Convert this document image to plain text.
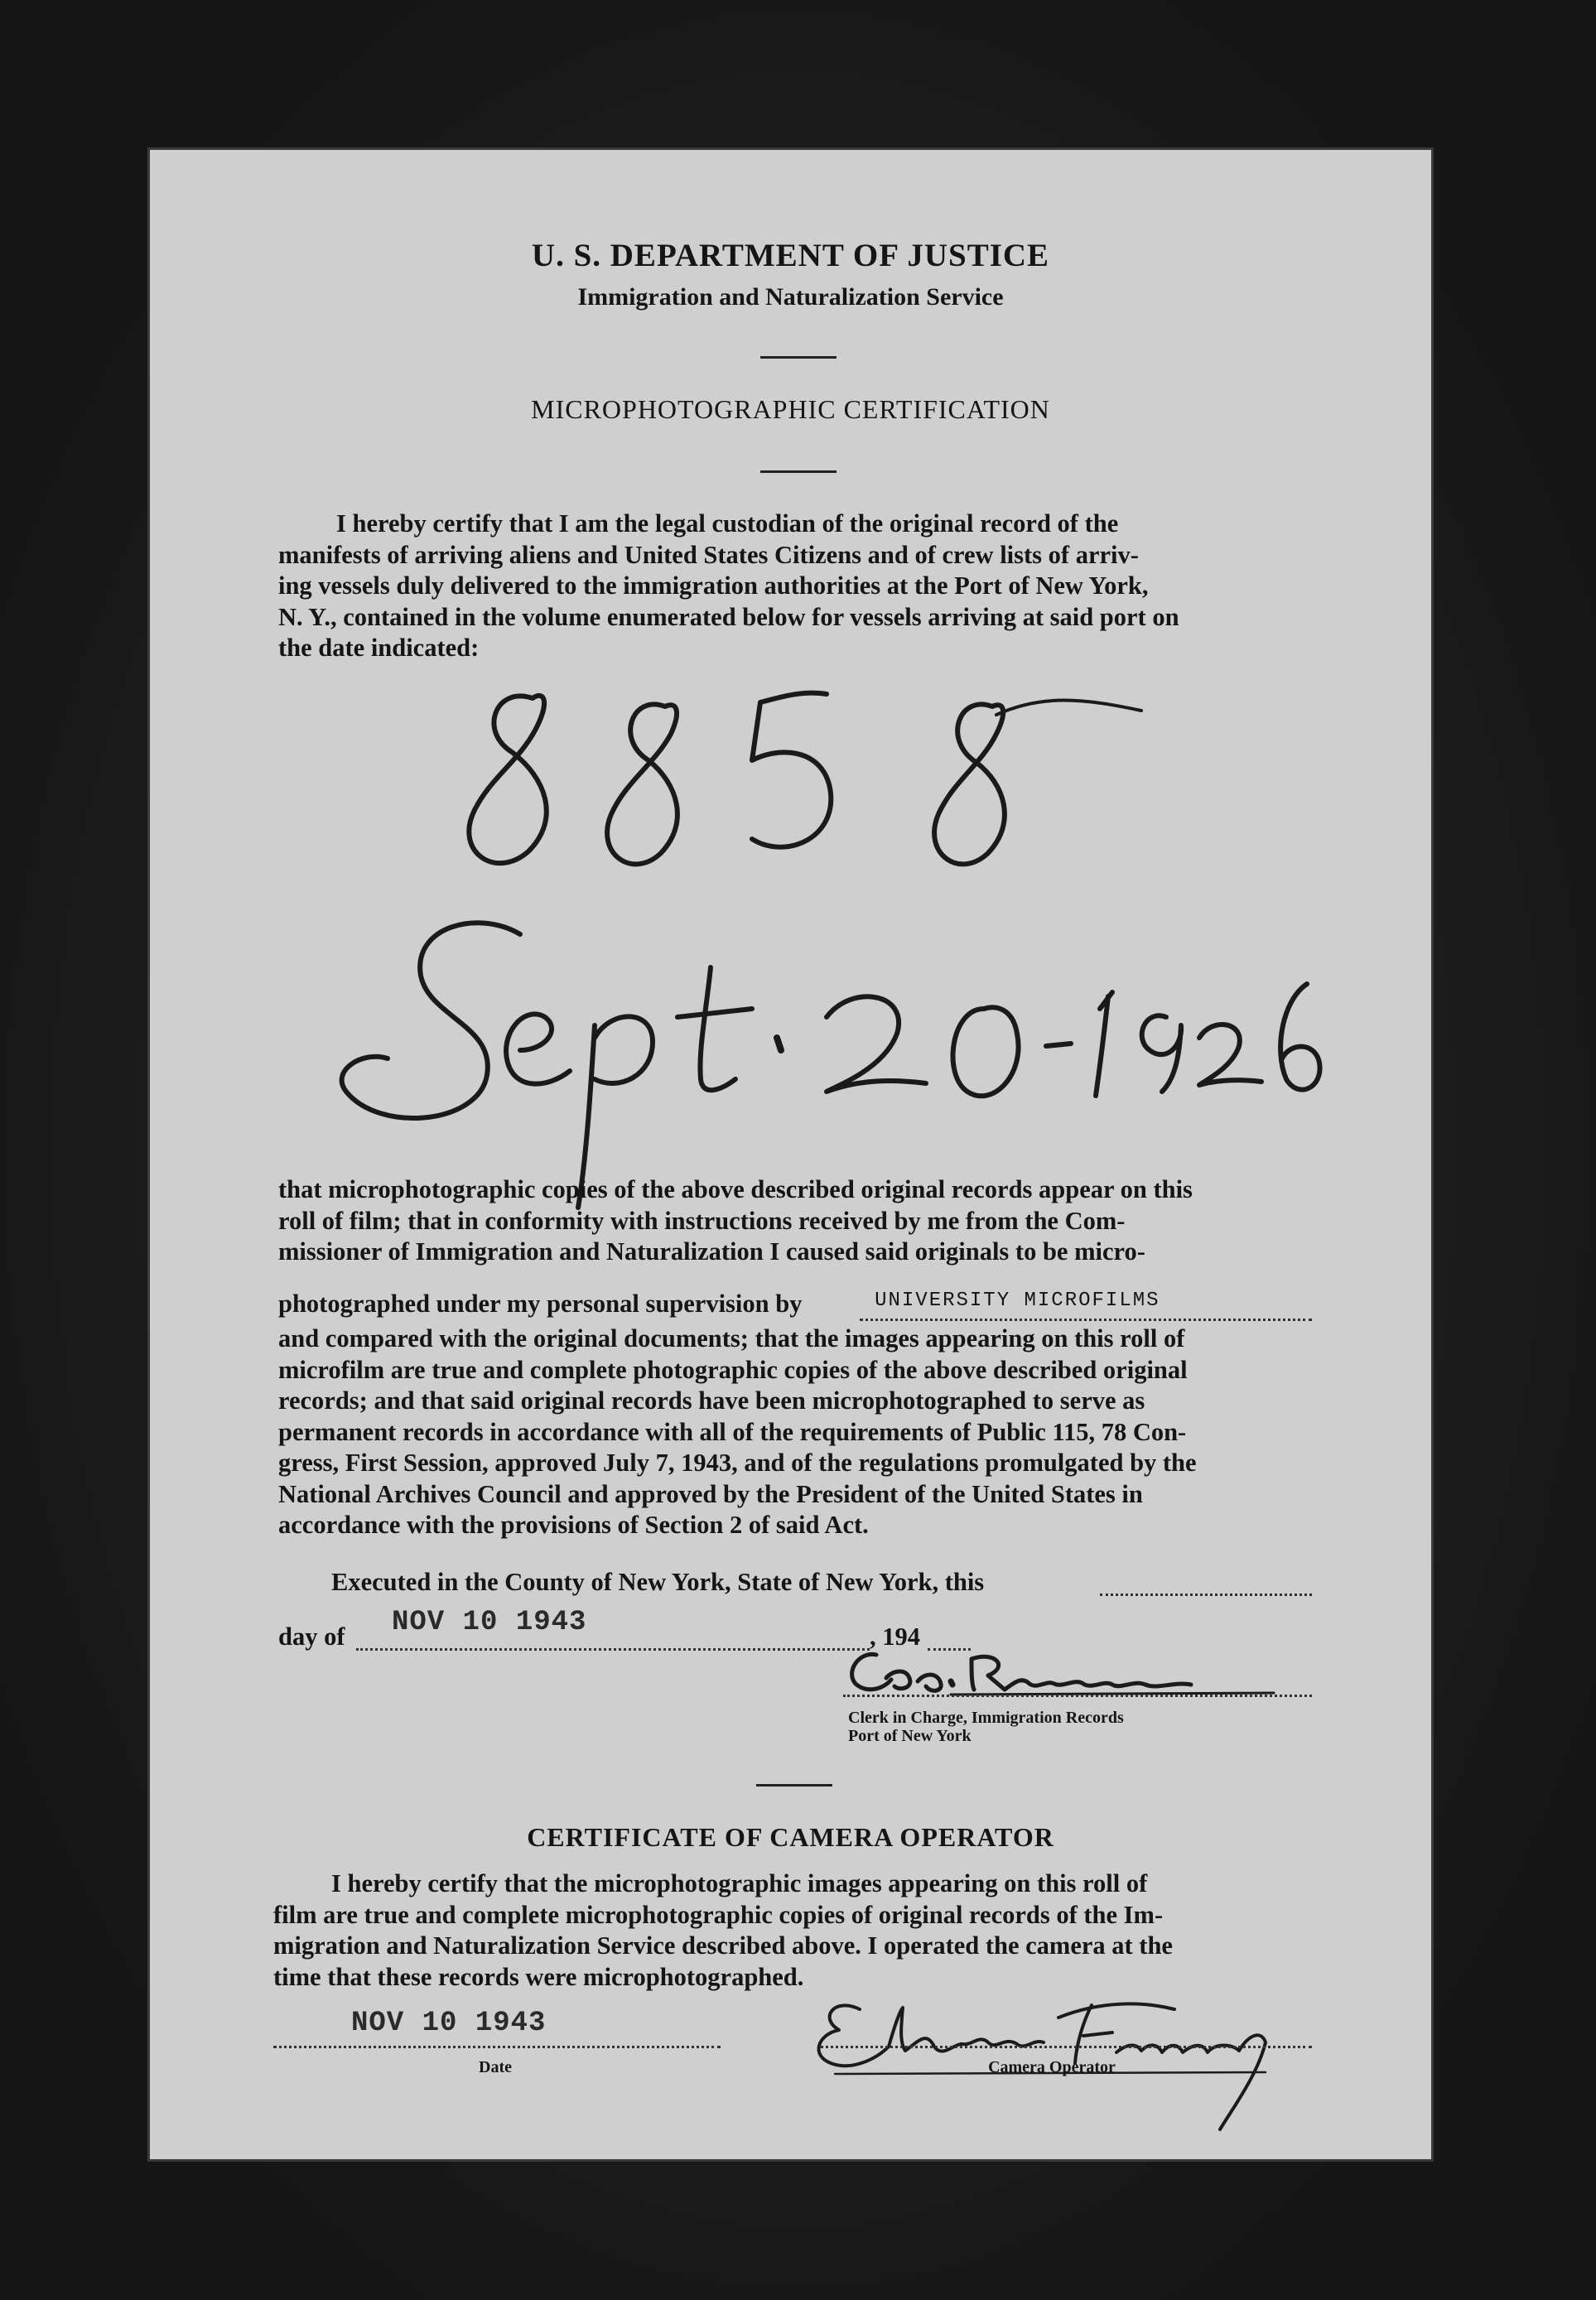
U. S. DEPARTMENT OF JUSTICE
Immigration and Naturalization Service
MICROPHOTOGRAPHIC CERTIFICATION
I hereby certify that I am the legal custodian of the original record of the
manifests of arriving aliens and United States Citizens and of crew lists of arriv-
ing vessels duly delivered to the immigration authorities at the Port of New York,
N. Y., contained in the volume enumerated below for vessels arriving at said port on
the date indicated:
that microphotographic copies of the above described original records appear on this
roll of film; that in conformity with instructions received by me from the Com-
missioner of Immigration and Naturalization I caused said originals to be micro-
photographed under my personal supervision by	UNIVERSITY MICROFILMS
and compared with the original documents; that the images appearing on this roll of
microfilm are true and complete photographic copies of the above described original
records; and that said original records have been microphotographed to serve as
permanent records in accordance with all of the requirements of Public 115, 78 Con-
gress, First Session, approved July 7, 1943, and of the regulations promulgated by the
National Archives Council and approved by the President of the United States in
accordance with the provisions of Section 2 of said Act.
Executed in the County of New York, State of New York, this
day of	NOV 10 1943	, 194
Clerk in Charge, Immigration Records
Port of New York
CERTIFICATE OF CAMERA OPERATOR
I hereby certify that the microphotographic images appearing on this roll of
film are true and complete microphotographic copies of original records of the Im-
migration and Naturalization Service described above. I operated the camera at the
time that these records were microphotographed.
NOV 10 1943
Date	Camera Operator
